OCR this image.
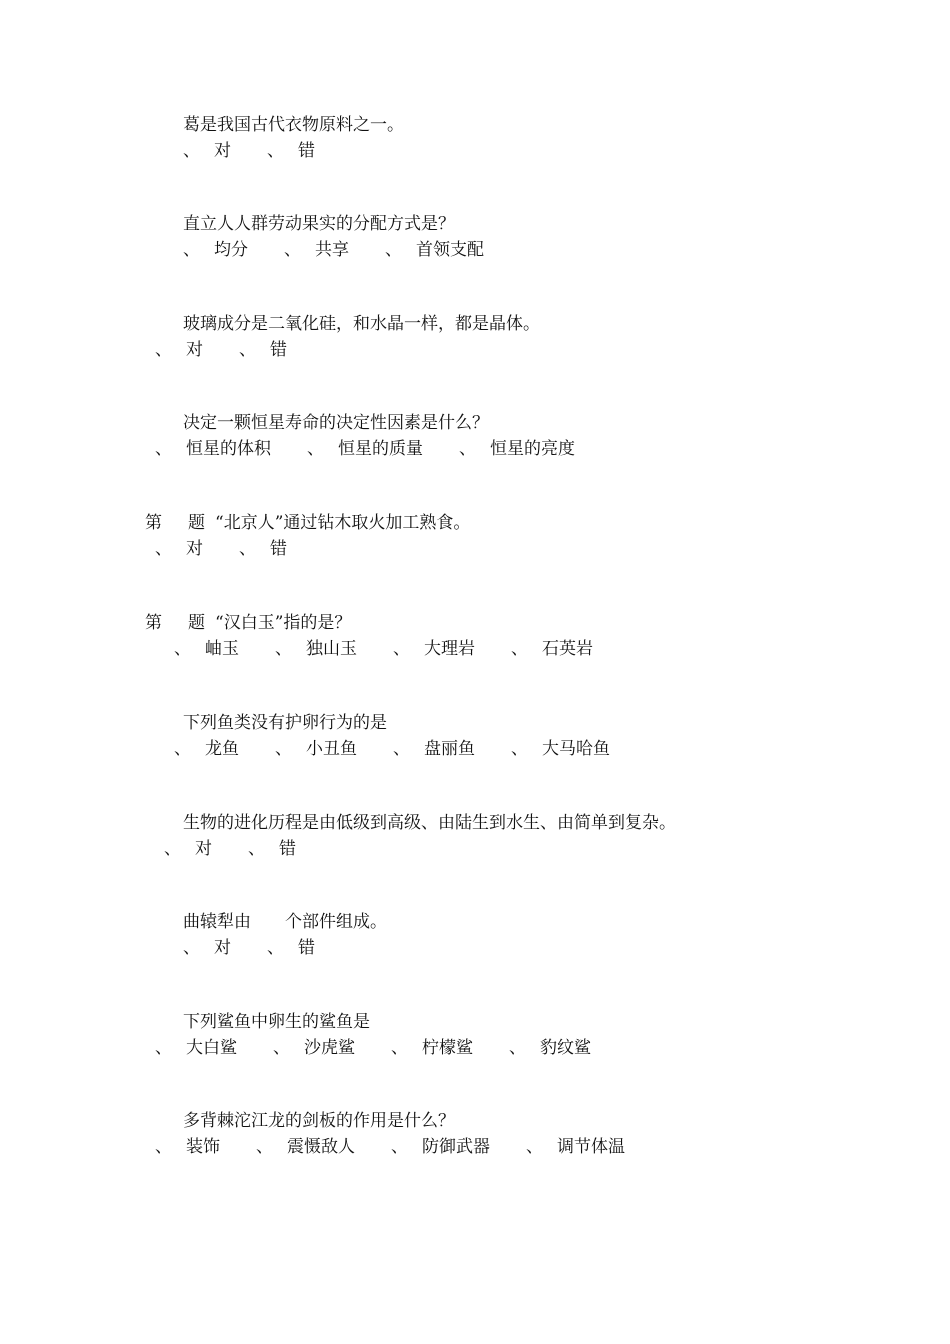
葛是我国古代衣物原料之一。
、 对 、 错
直立人人群劳动果实的分配方式是？
、 均分 、 共享 、 首领支配
玻璃成分是二氧化硅，和水晶一样，都是晶体。
、 对 、 错
决定一颗恒星寿命的决定性因素是什么？
、 恒星的体积 、 恒星的质量 、 恒星的亮度
第 题 “北京人”通过钻木取火加工熟食。
、 对 、 错
第 题 “汉白玉”指的是？
、 岫玉 、 独山玉 、 大理岩 、 石英岩
下列鱼类没有护卵行为的是
、 龙鱼 、 小丑鱼 、 盘丽鱼 、 大马哈鱼
生物的进化历程是由低级到高级、由陆生到水生、由简单到复杂。
、 对 、 错
曲辕犁由　　个部件组成。
、 对 、 错
下列鲨鱼中卵生的鲨鱼是
、 大白鲨 、 沙虎鲨 、 柠檬鲨 、 豹纹鲨
多背棘沱江龙的剑板的作用是什么？
、 装饰 、 震慑敌人 、 防御武器 、 调节体温
